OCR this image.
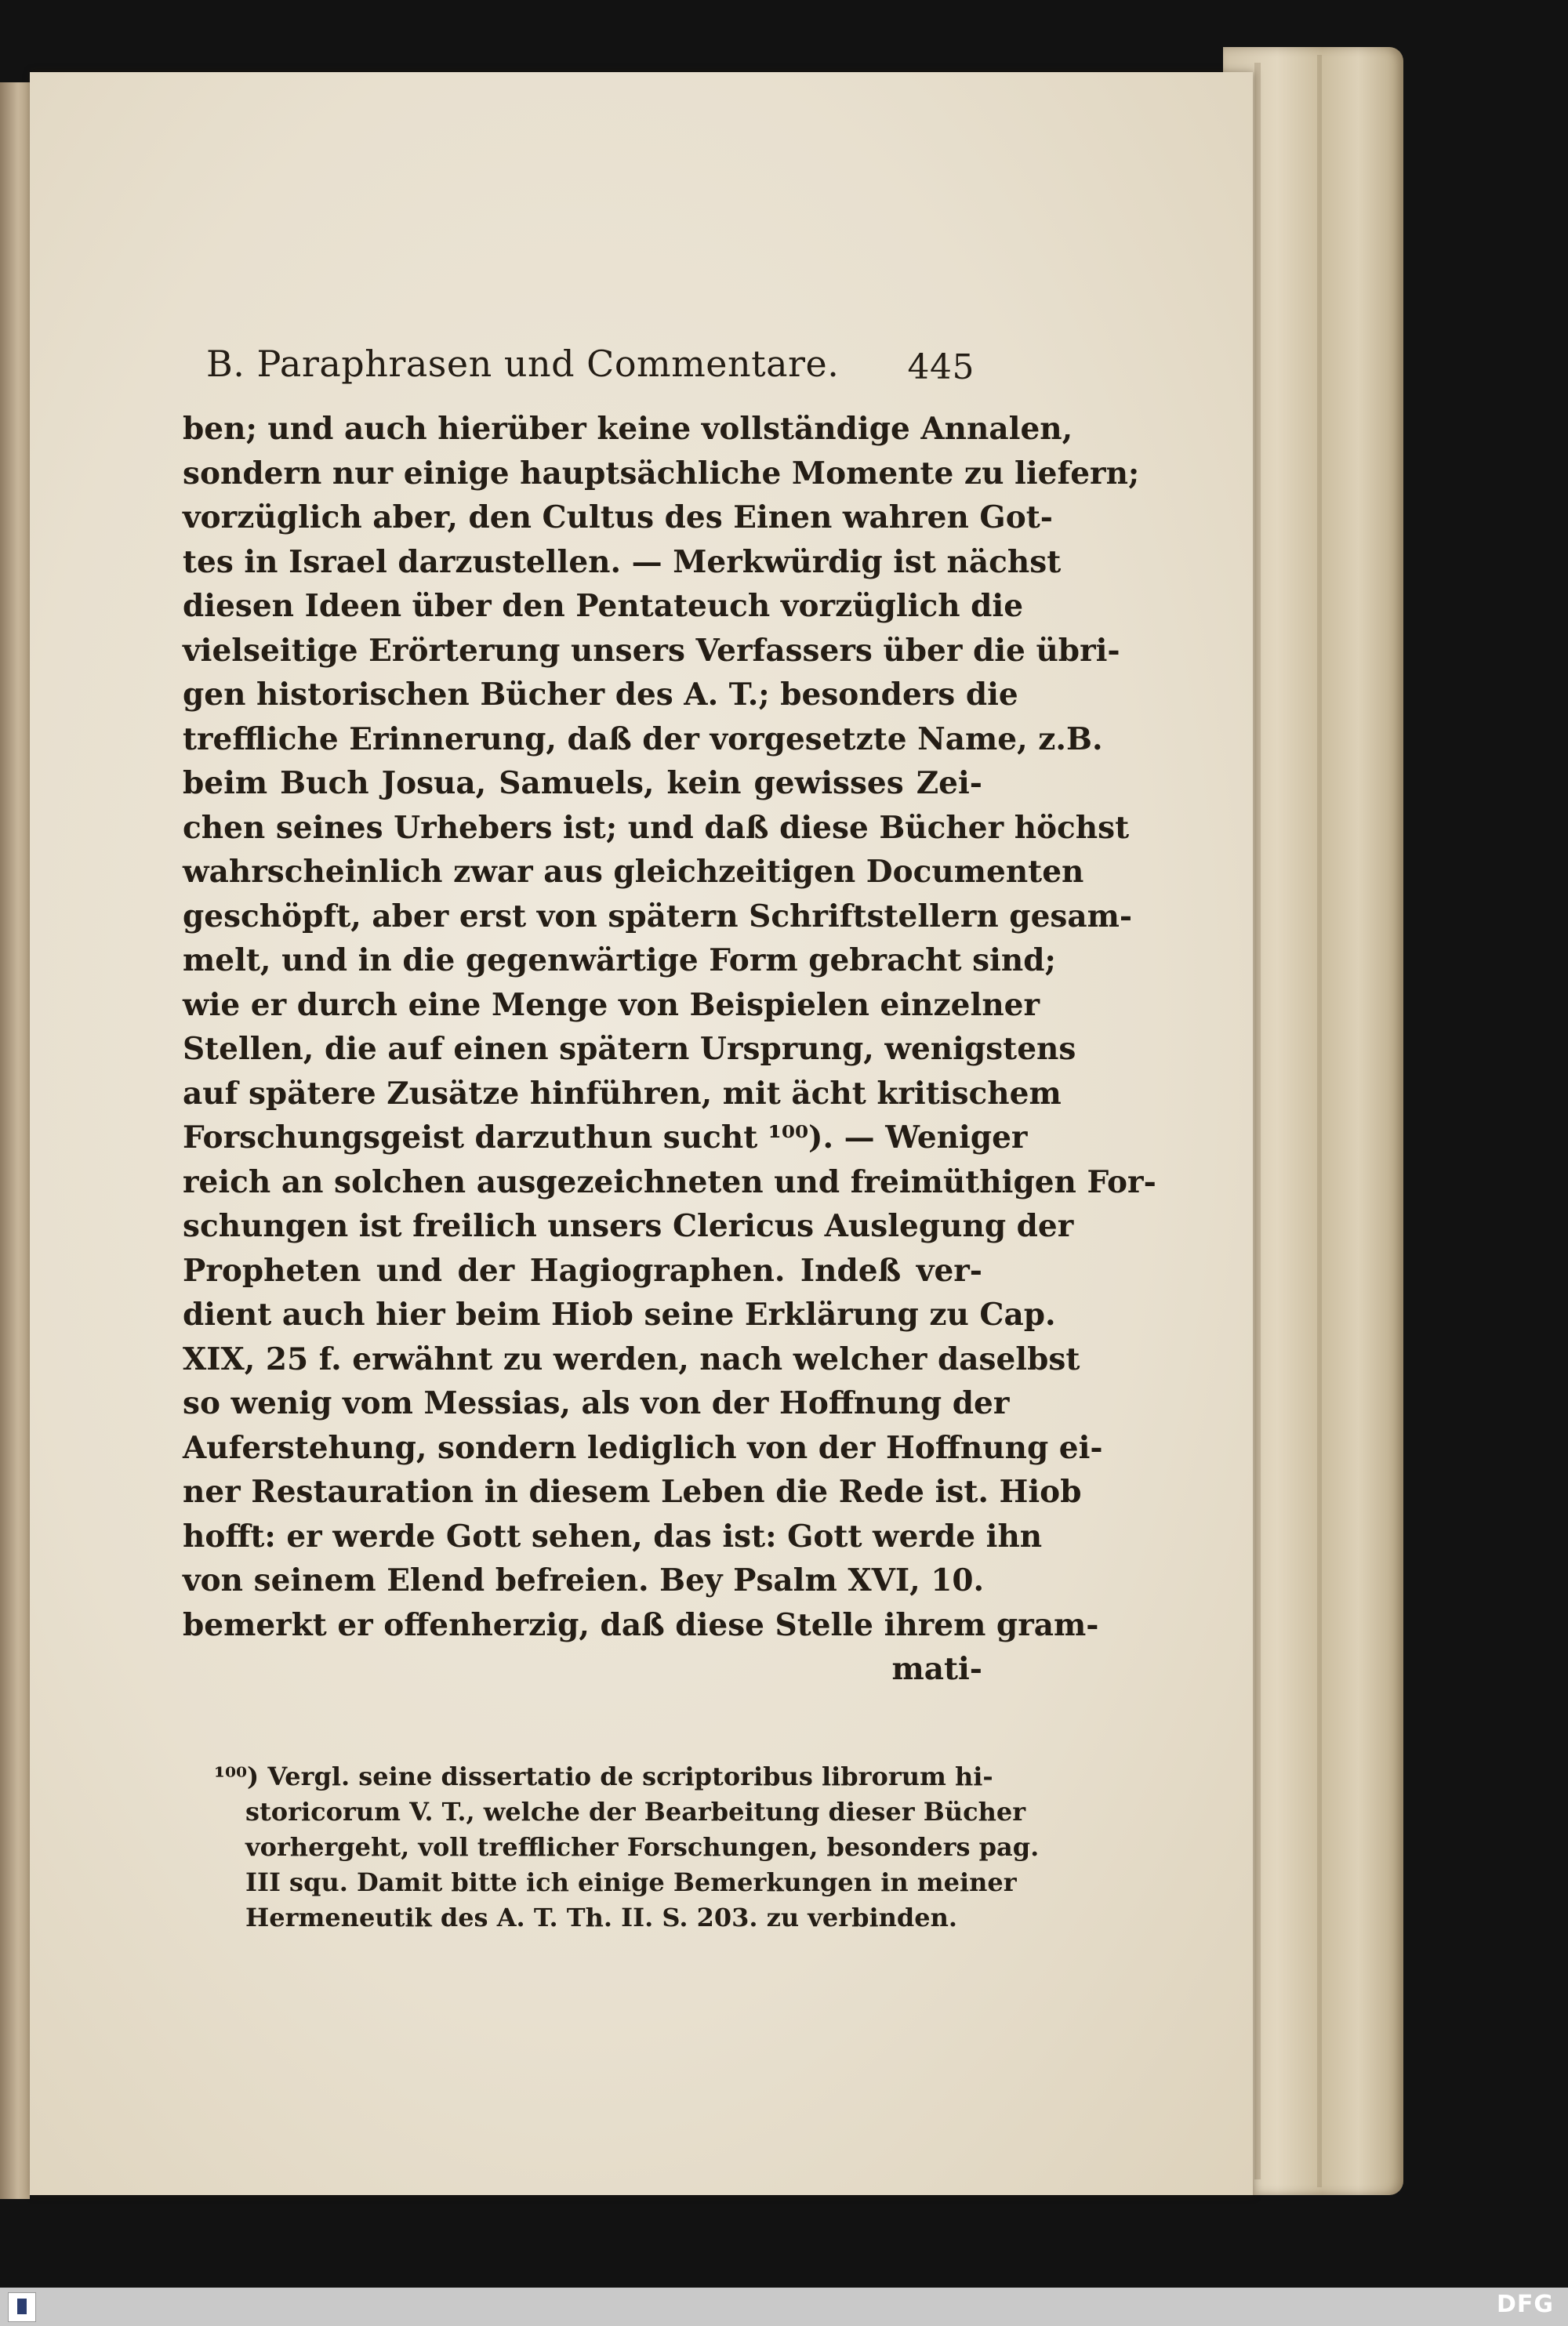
B. Paraphrasen und Commentare. 445
ben; und auch hierüber keine vollständige Annalen,
sondern nur einige hauptsächliche Momente zu liefern;
vorzüglich aber, den Cultus des Einen wahren Got-
tes in Israel darzustellen. — Merkwürdig ist nächst
diesen Ideen über den Pentateuch vorzüglich die
vielseitige Erörterung unsers Verfassers über die übri-
gen historischen Bücher des A. T.; besonders die
treffliche Erinnerung, daß der vorgesetzte Name, z.B.
beim Buch Josua, Samuels, kein gewisses Zei-
chen seines Urhebers ist; und daß diese Bücher höchst
wahrscheinlich zwar aus gleichzeitigen Documenten
geschöpft, aber erst von spätern Schriftstellern gesam-
melt, und in die gegenwärtige Form gebracht sind;
wie er durch eine Menge von Beispielen einzelner
Stellen, die auf einen spätern Ursprung, wenigstens
auf spätere Zusätze hinführen, mit ächt kritischem
Forschungsgeist darzuthun sucht ¹⁰⁰). — Weniger
reich an solchen ausgezeichneten und freimüthigen For-
schungen ist freilich unsers Clericus Auslegung der
Propheten und der Hagiographen. Indeß ver-
dient auch hier beim Hiob seine Erklärung zu Cap.
XIX, 25 f. erwähnt zu werden, nach welcher daselbst
so wenig vom Messias, als von der Hoffnung der
Auferstehung, sondern lediglich von der Hoffnung ei-
ner Restauration in diesem Leben die Rede ist. Hiob
hofft: er werde Gott sehen, das ist: Gott werde ihn
von seinem Elend befreien. Bey Psalm XVI, 10.
bemerkt er offenherzig, daß diese Stelle ihrem gram-
mati-
¹⁰⁰) Vergl. seine dissertatio de scriptoribus librorum hi-
storicorum V. T., welche der Bearbeitung dieser Bücher
vorhergeht, voll trefflicher Forschungen, besonders pag.
III squ. Damit bitte ich einige Bemerkungen in meiner
Hermeneutik des A. T. Th. II. S. 203. zu verbinden.
DFG
